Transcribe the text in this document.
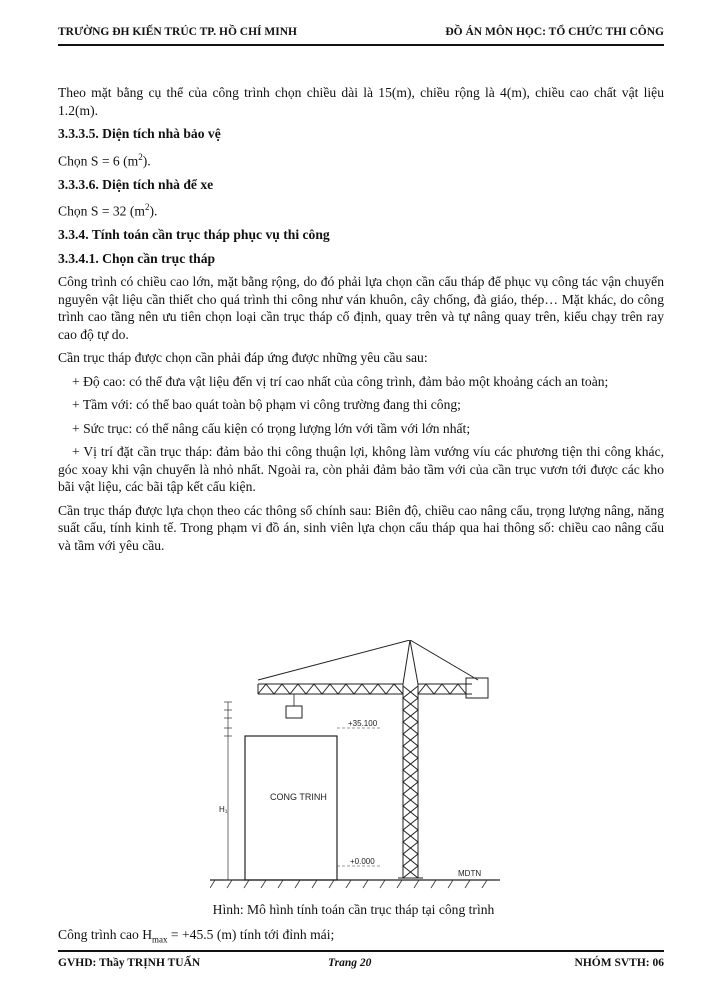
TRƯỜNG ĐH KIẾN TRÚC TP. HỒ CHÍ MINH	ĐỒ ÁN MÔN HỌC: TỔ CHỨC THI CÔNG

Theo mặt bằng cụ thể của công trình chọn chiều dài là 15(m), chiều rộng là 4(m), chiều cao chất vật liệu 1.2(m).

3.3.3.5. Diện tích nhà bảo vệ

Chọn S = 6 $(m^2)$.

3.3.3.6. Diện tích nhà để xe

Chọn S = 32 $(m^2)$.

3.3.4. Tính toán cần trục tháp phục vụ thi công

3.3.4.1. Chọn cần trục tháp

Công trình có chiều cao lớn, mặt bằng rộng, do đó phải lựa chọn cần cẩu tháp để phục vụ công tác vận chuyển nguyên vật liệu cần thiết cho quá trình thi công như ván khuôn, cây chống, đà giáo, thép… Mặt khác, do công trình cao tầng nên ưu tiên chọn loại cần trục tháp cố định, quay trên và tự nâng quay trên, kiểu chạy trên ray cao độ tự do.

Cần trục tháp được chọn cần phải đáp ứng được những yêu cầu sau:

+ Độ cao: có thể đưa vật liệu đến vị trí cao nhất của công trình, đảm bảo một khoảng cách an toàn;

+ Tầm với: có thể bao quát toàn bộ phạm vi công trường đang thi công;

+ Sức trục: có thể nâng cấu kiện có trọng lượng lớn với tầm với lớn nhất;

+ Vị trí đặt cần trục tháp: đảm bảo thi công thuận lợi, không làm vướng víu các phương tiện thi công khác, góc xoay khi vận chuyển là nhỏ nhất. Ngoài ra, còn phải đảm bảo tầm với của cần trục vươn tới được các kho bãi vật liệu, các bãi tập kết cấu kiện.

Cần trục tháp được lựa chọn theo các thông số chính sau: Biên độ, chiều cao nâng cẩu, trọng lượng nâng, năng suất cẩu, tính kinh tế. Trong phạm vi đồ án, sinh viên lựa chọn cẩu tháp qua hai thông số: chiều cao nâng cẩu và tầm với yêu cầu.

CONG TRINH
+35.100
+0.000
H₁
MDTN
Hình: Mô hình tính toán cần trục tháp tại công trình
Công trình cao $H_{max} = +45.5$ (m) tính tới đỉnh mái;
GVHD: Thầy TRỊNH TUẤN	Trang 20	NHÓM SVTH: 06
